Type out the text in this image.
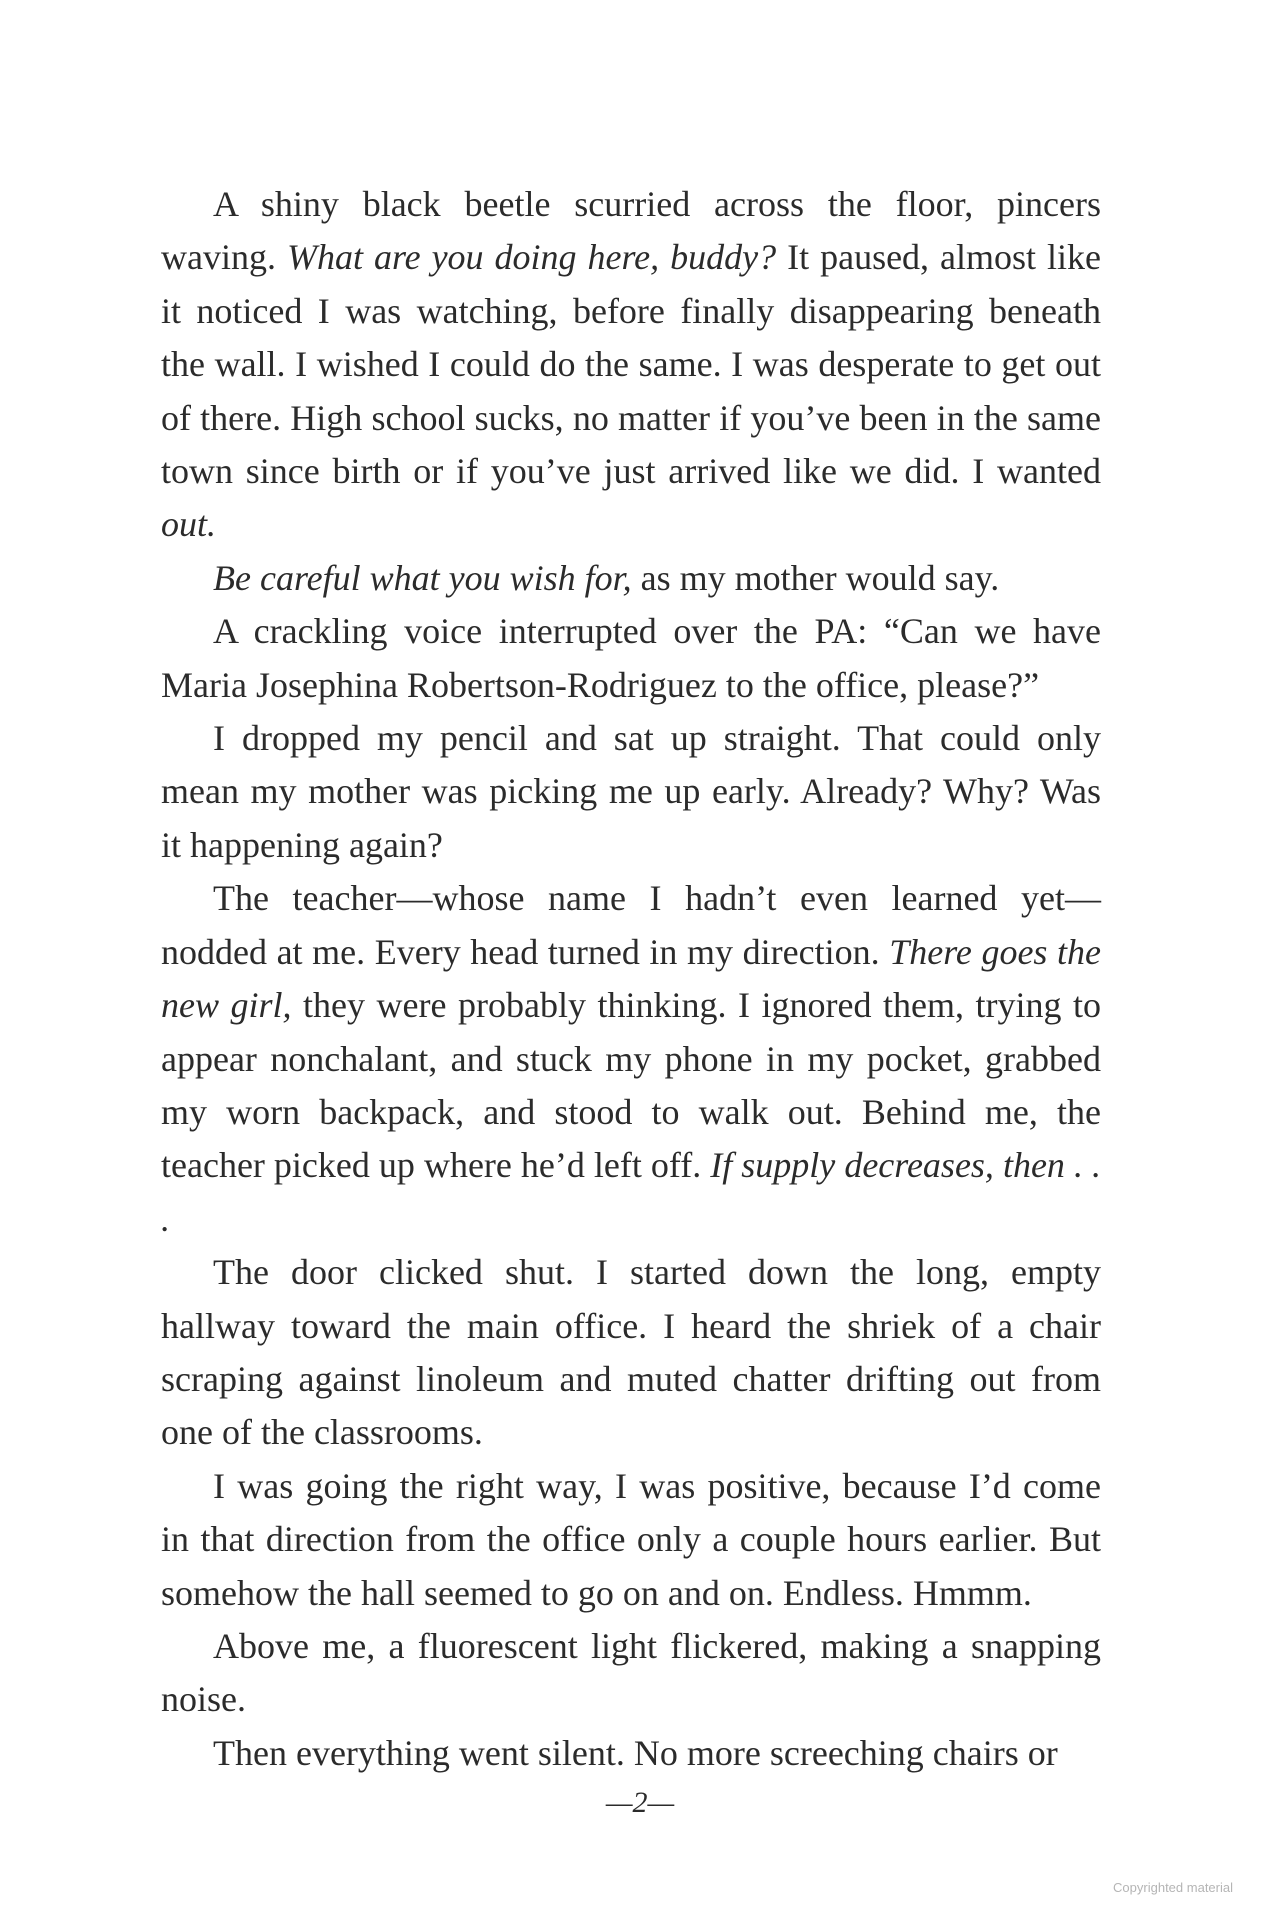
A shiny black beetle scurried across the floor, pincers waving. What are you doing here, buddy? It paused, almost like it noticed I was watching, before finally disappearing beneath the wall. I wished I could do the same. I was desperate to get out of there. High school sucks, no matter if you’ve been in the same town since birth or if you’ve just arrived like we did. I wanted out.

Be careful what you wish for, as my mother would say.

A crackling voice interrupted over the PA: “Can we have Maria Josephina Robertson-Rodriguez to the office, please?”

I dropped my pencil and sat up straight. That could only mean my mother was picking me up early. Already? Why? Was it happening again?

The teacher—whose name I hadn’t even learned yet—nodded at me. Every head turned in my direction. There goes the new girl, they were probably thinking. I ignored them, trying to appear nonchalant, and stuck my phone in my pocket, grabbed my worn backpack, and stood to walk out. Behind me, the teacher picked up where he’d left off. If supply decreases, then . . .

The door clicked shut. I started down the long, empty hallway toward the main office. I heard the shriek of a chair scraping against linoleum and muted chatter drifting out from one of the classrooms.

I was going the right way, I was positive, because I’d come in that direction from the office only a couple hours earlier. But somehow the hall seemed to go on and on. Endless. Hmmm.

Above me, a fluorescent light flickered, making a snapping noise.

Then everything went silent. No more screeching chairs or

—2—
Copyrighted material
